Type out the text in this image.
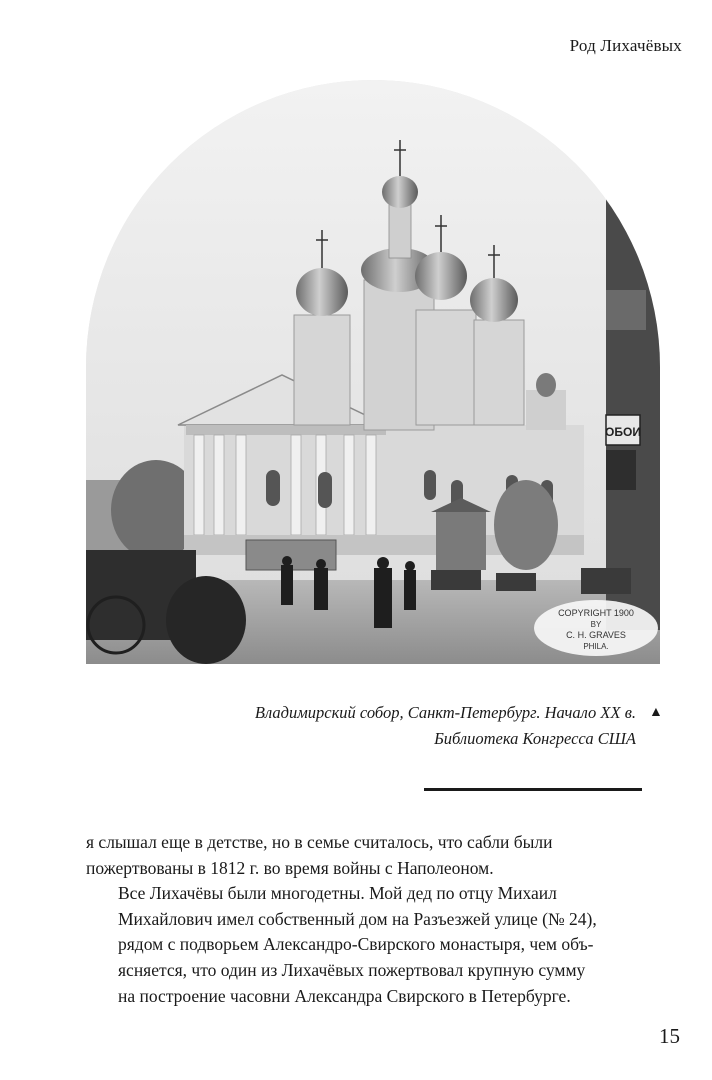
Род Лихачёвых
ОБОИ
COPYRIGHT 1900
BY
C. H. GRAVES
PHILA.
Владимирский собор, Санкт-Петербург. Начало XX в.
Библиотека Конгресса США
▲

я слышал еще в детстве, но в семье считалось, что сабли были
пожертвованы в 1812 г. во время войны с Наполеоном.

Все Лихачёвы были многодетны. Мой дед по отцу Михаил
Михайлович имел собственный дом на Разъезжей улице (№ 24),
рядом с подворьем Александро-Свирского монастыря, чем объ-
ясняется, что один из Лихачёвых пожертвовал крупную сумму
на построение часовни Александра Свирского в Петербурге.

15
